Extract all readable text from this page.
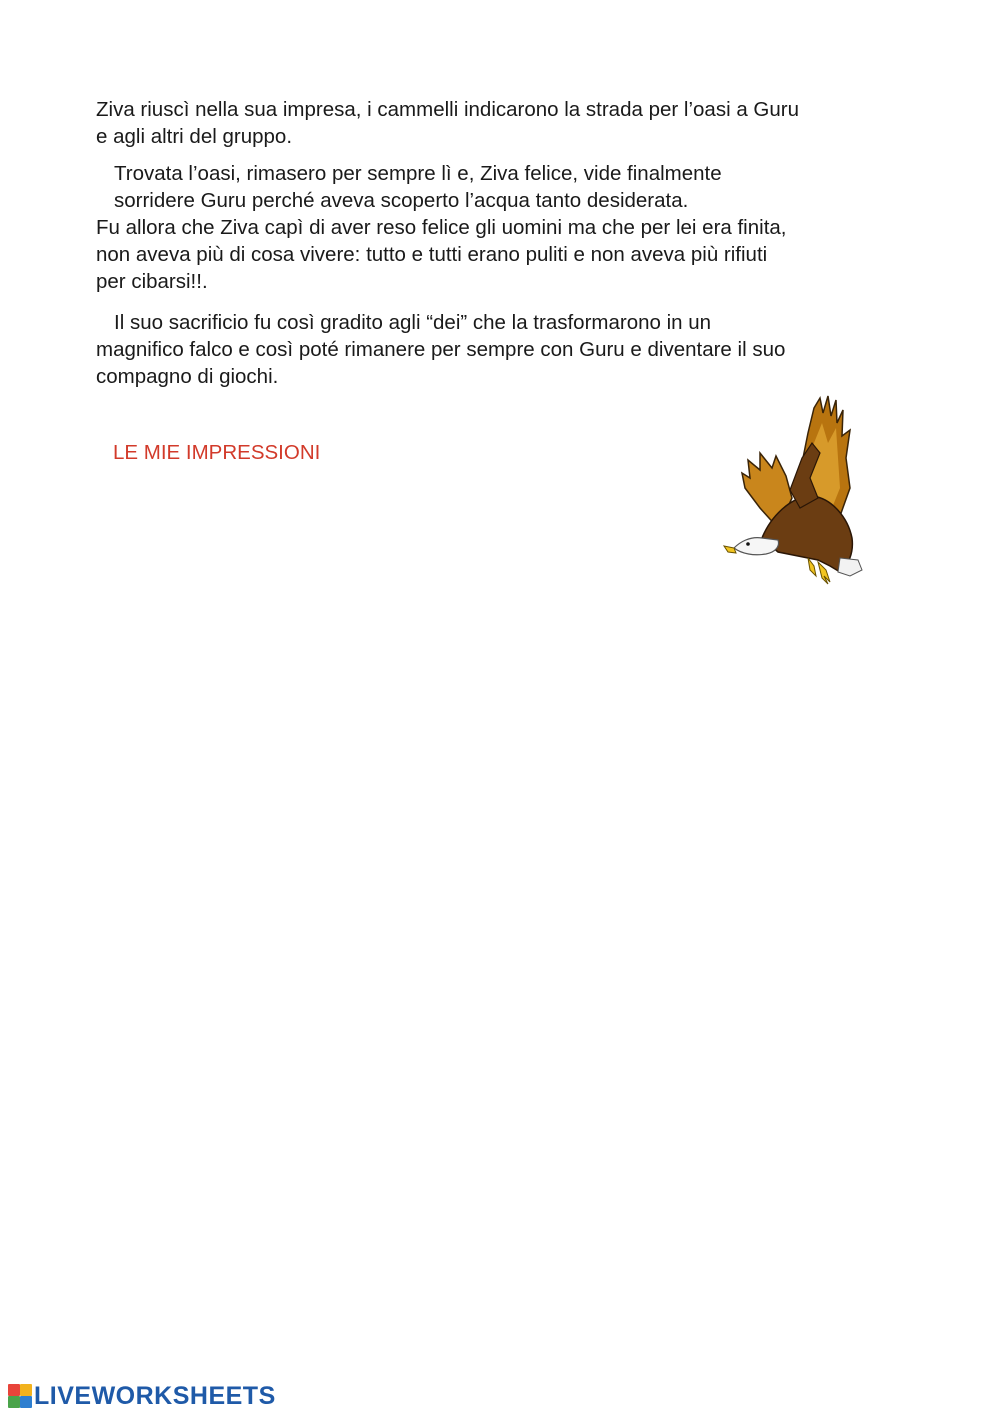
Ziva riuscì nella sua impresa, i cammelli indicarono la strada per l’oasi a Guru
e agli altri del gruppo.

Trovata l’oasi, rimasero per sempre lì e, Ziva felice, vide finalmente
sorridere Guru perché aveva scoperto l’acqua tanto desiderata.
Fu allora che Ziva capì di aver reso felice gli uomini ma che per lei era finita,
non aveva più di cosa vivere: tutto e tutti erano puliti e non aveva più rifiuti
per cibarsi!!.

Il suo sacrificio fu così gradito agli “dei” che la trasformarono in un
magnifico falco e così poté rimanere per sempre con Guru e diventare il suo
compagno di giochi.

LE MIE IMPRESSIONI
LIVEWORKSHEETS
